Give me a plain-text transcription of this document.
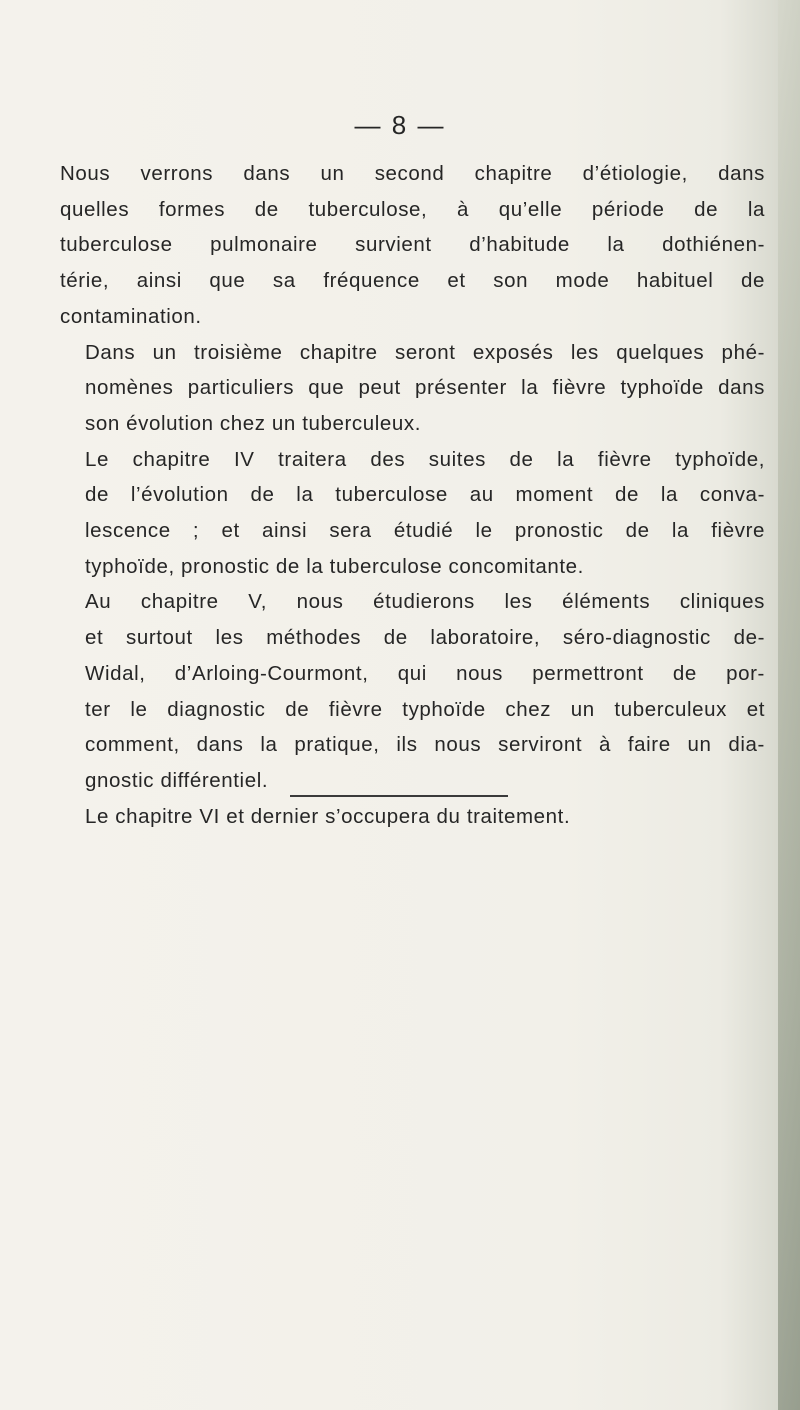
— 8 —

Nous verrons dans un second chapitre d’étiologie, dans
quelles formes de tuberculose, à qu’elle période de la
tuberculose pulmonaire survient d’habitude la dothiénen-
térie, ainsi que sa fréquence et son mode habituel de
contamination.

Dans un troisième chapitre seront exposés les quelques phé-
nomènes particuliers que peut présenter la fièvre typhoïde dans
son évolution chez un tuberculeux.

Le chapitre IV traitera des suites de la fièvre typhoïde,
de l’évolution de la tuberculose au moment de la conva-
lescence ; et ainsi sera étudié le pronostic de la fièvre
typhoïde, pronostic de la tuberculose concomitante.

Au chapitre V, nous étudierons les éléments cliniques
et surtout les méthodes de laboratoire, séro-diagnostic de-
Widal, d’Arloing-Courmont, qui nous permettront de por-
ter le diagnostic de fièvre typhoïde chez un tuberculeux et
comment, dans la pratique, ils nous serviront à faire un dia-
gnostic différentiel.

Le chapitre VI et dernier s’occupera du traitement.
